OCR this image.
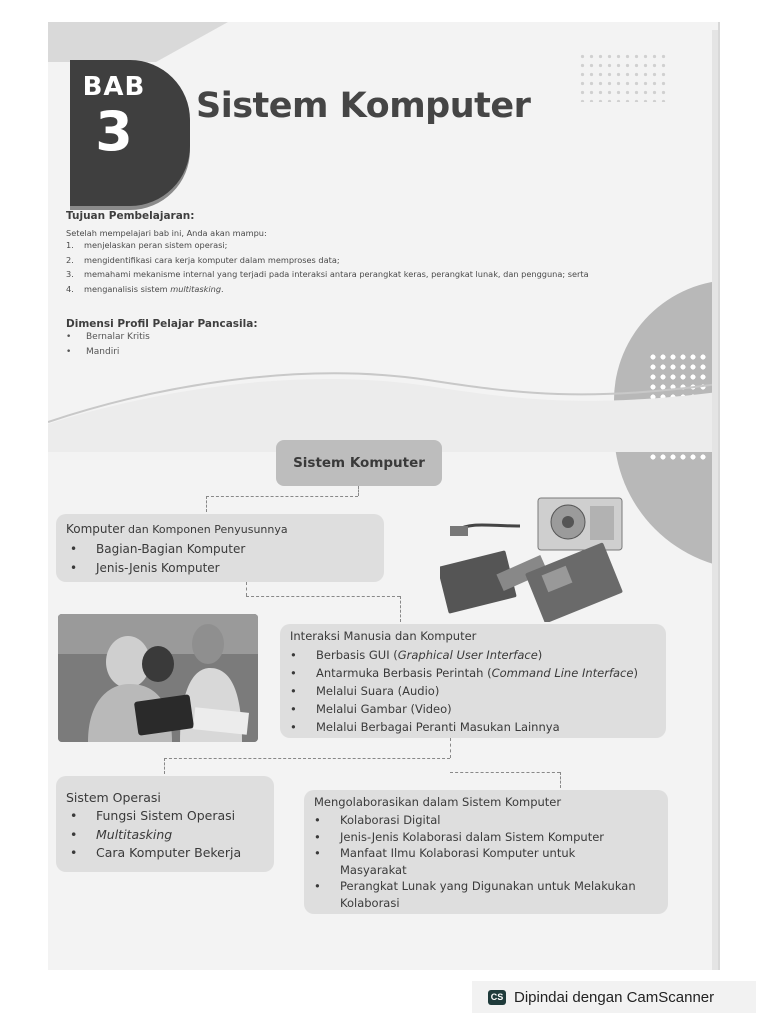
BAB
3	Sistem Komputer
Tujuan Pembelajaran:
Setelah mempelajari bab ini, Anda akan mampu:
1. menjelaskan peran sistem operasi;
2. mengidentifikasi cara kerja komputer dalam memproses data;
3. memahami mekanisme internal yang terjadi pada interaksi antara perangkat keras, perangkat lunak, dan pengguna; serta
4. menganalisis sistem multitasking.
Dimensi Profil Pelajar Pancasila:
• Bernalar Kritis
• Mandiri
Sistem Komputer
Komputer dan Komponen Penyusunnya
• Bagian-Bagian Komputer
• Jenis-Jenis Komputer
Interaksi Manusia dan Komputer
• Berbasis GUI (Graphical User Interface)
• Antarmuka Berbasis Perintah (Command Line Interface)
• Melalui Suara (Audio)
• Melalui Gambar (Video)
• Melalui Berbagai Peranti Masukan Lainnya
Sistem Operasi
• Fungsi Sistem Operasi
• Multitasking
• Cara Komputer Bekerja
Mengolaborasikan dalam Sistem Komputer
• Kolaborasi Digital
• Jenis-Jenis Kolaborasi dalam Sistem Komputer
• Manfaat Ilmu Kolaborasi Komputer untuk
Masyarakat
• Perangkat Lunak yang Digunakan untuk Melakukan
Kolaborasi
CS Dipindai dengan CamScanner
